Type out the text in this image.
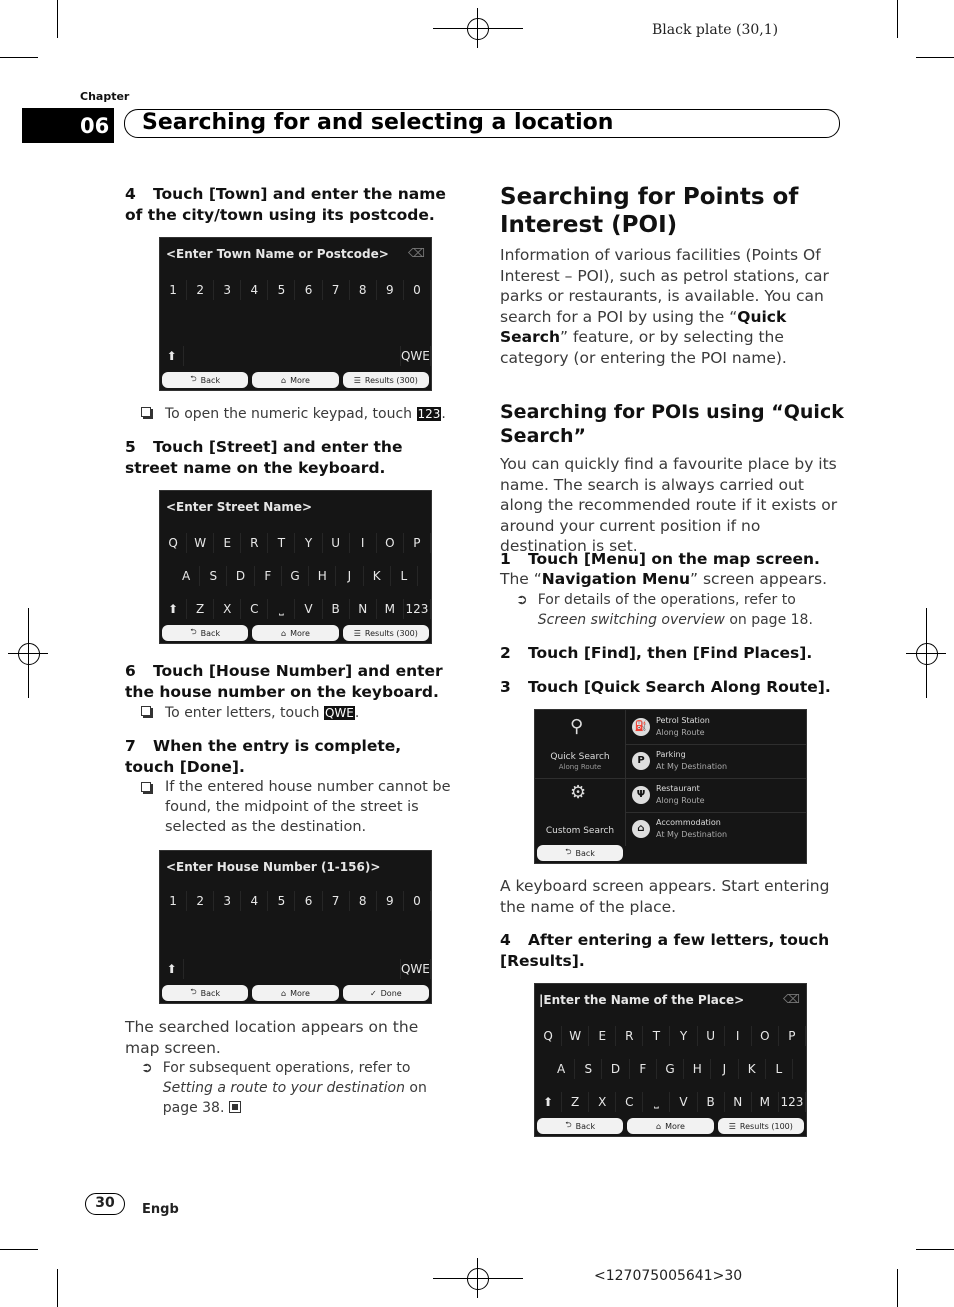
Black plate (30,1)
Chapter
06 Searching for and selecting a location
4 Touch [Town] and enter the name of the city/town using its postcode.
<Enter Town Name or Postcode> ⌫
1	2	3	4	5	6	7	8	9	0
⬆	QWE
⮌ Back	⌂ More	☰ Results (300)
To open the numeric keypad, touch 123.
5 Touch [Street] and enter the street name on the keyboard.
<Enter Street Name>
Q	W	E	R	T	Y	U	I	O	P
A	S	D	F	G	H	J	K	L
⬆	Z	X	C	⎵	V	B	N	M 123
⮌ Back	⌂ More	☰ Results (300)
6 Touch [House Number] and enter the house number on the keyboard.
To enter letters, touch QWE.
7 When the entry is complete, touch [Done].
If the entered house number cannot be found, the midpoint of the street is selected as the destination.
<Enter House Number (1-156)>
1	2	3	4	5	6	7	8	9	0
⬆	QWE
⮌ Back	⌂ More	✓ Done
The searched location appears on the map screen.
➲ For subsequent operations, refer to Setting a route to your destination on page 38.
Searching for Points of Interest (POI)
Information of various facilities (Points Of Interest – POI), such as petrol stations, car parks or restaurants, is available. You can search for a POI by using the “Quick Search” feature, or by selecting the category (or entering the POI name).
Searching for POIs using “Quick Search”
You can quickly find a favourite place by its name. The search is always carried out along the recommended route if it exists or around your current position if no destination is set.
1 Touch [Menu] on the map screen.
The “Navigation Menu” screen appears.
➲ For details of the operations, refer to Screen switching overview on page 18.
2 Touch [Find], then [Find Places].
3 Touch [Quick Search Along Route].
⚲
Quick Search
Along Route
⚙
Custom Search
⛽
Petrol Station
Along Route
P
Parking
At My Destination
Ψ
Restaurant
Along Route
⌂
Accommodation
At My Destination
⮌ Back
A keyboard screen appears. Start entering the name of the place.
4 After entering a few letters, touch [Results].
|Enter the Name of the Place>	⌫
Q	W	E	R	T	Y	U	I	O	P
A	S	D	F	G	H	J	K	L
⬆	Z	X	C	⎵	V	B	N	M 123
⮌ Back	⌂ More	☰ Results (100)
30	Engb
<127075005641>30
